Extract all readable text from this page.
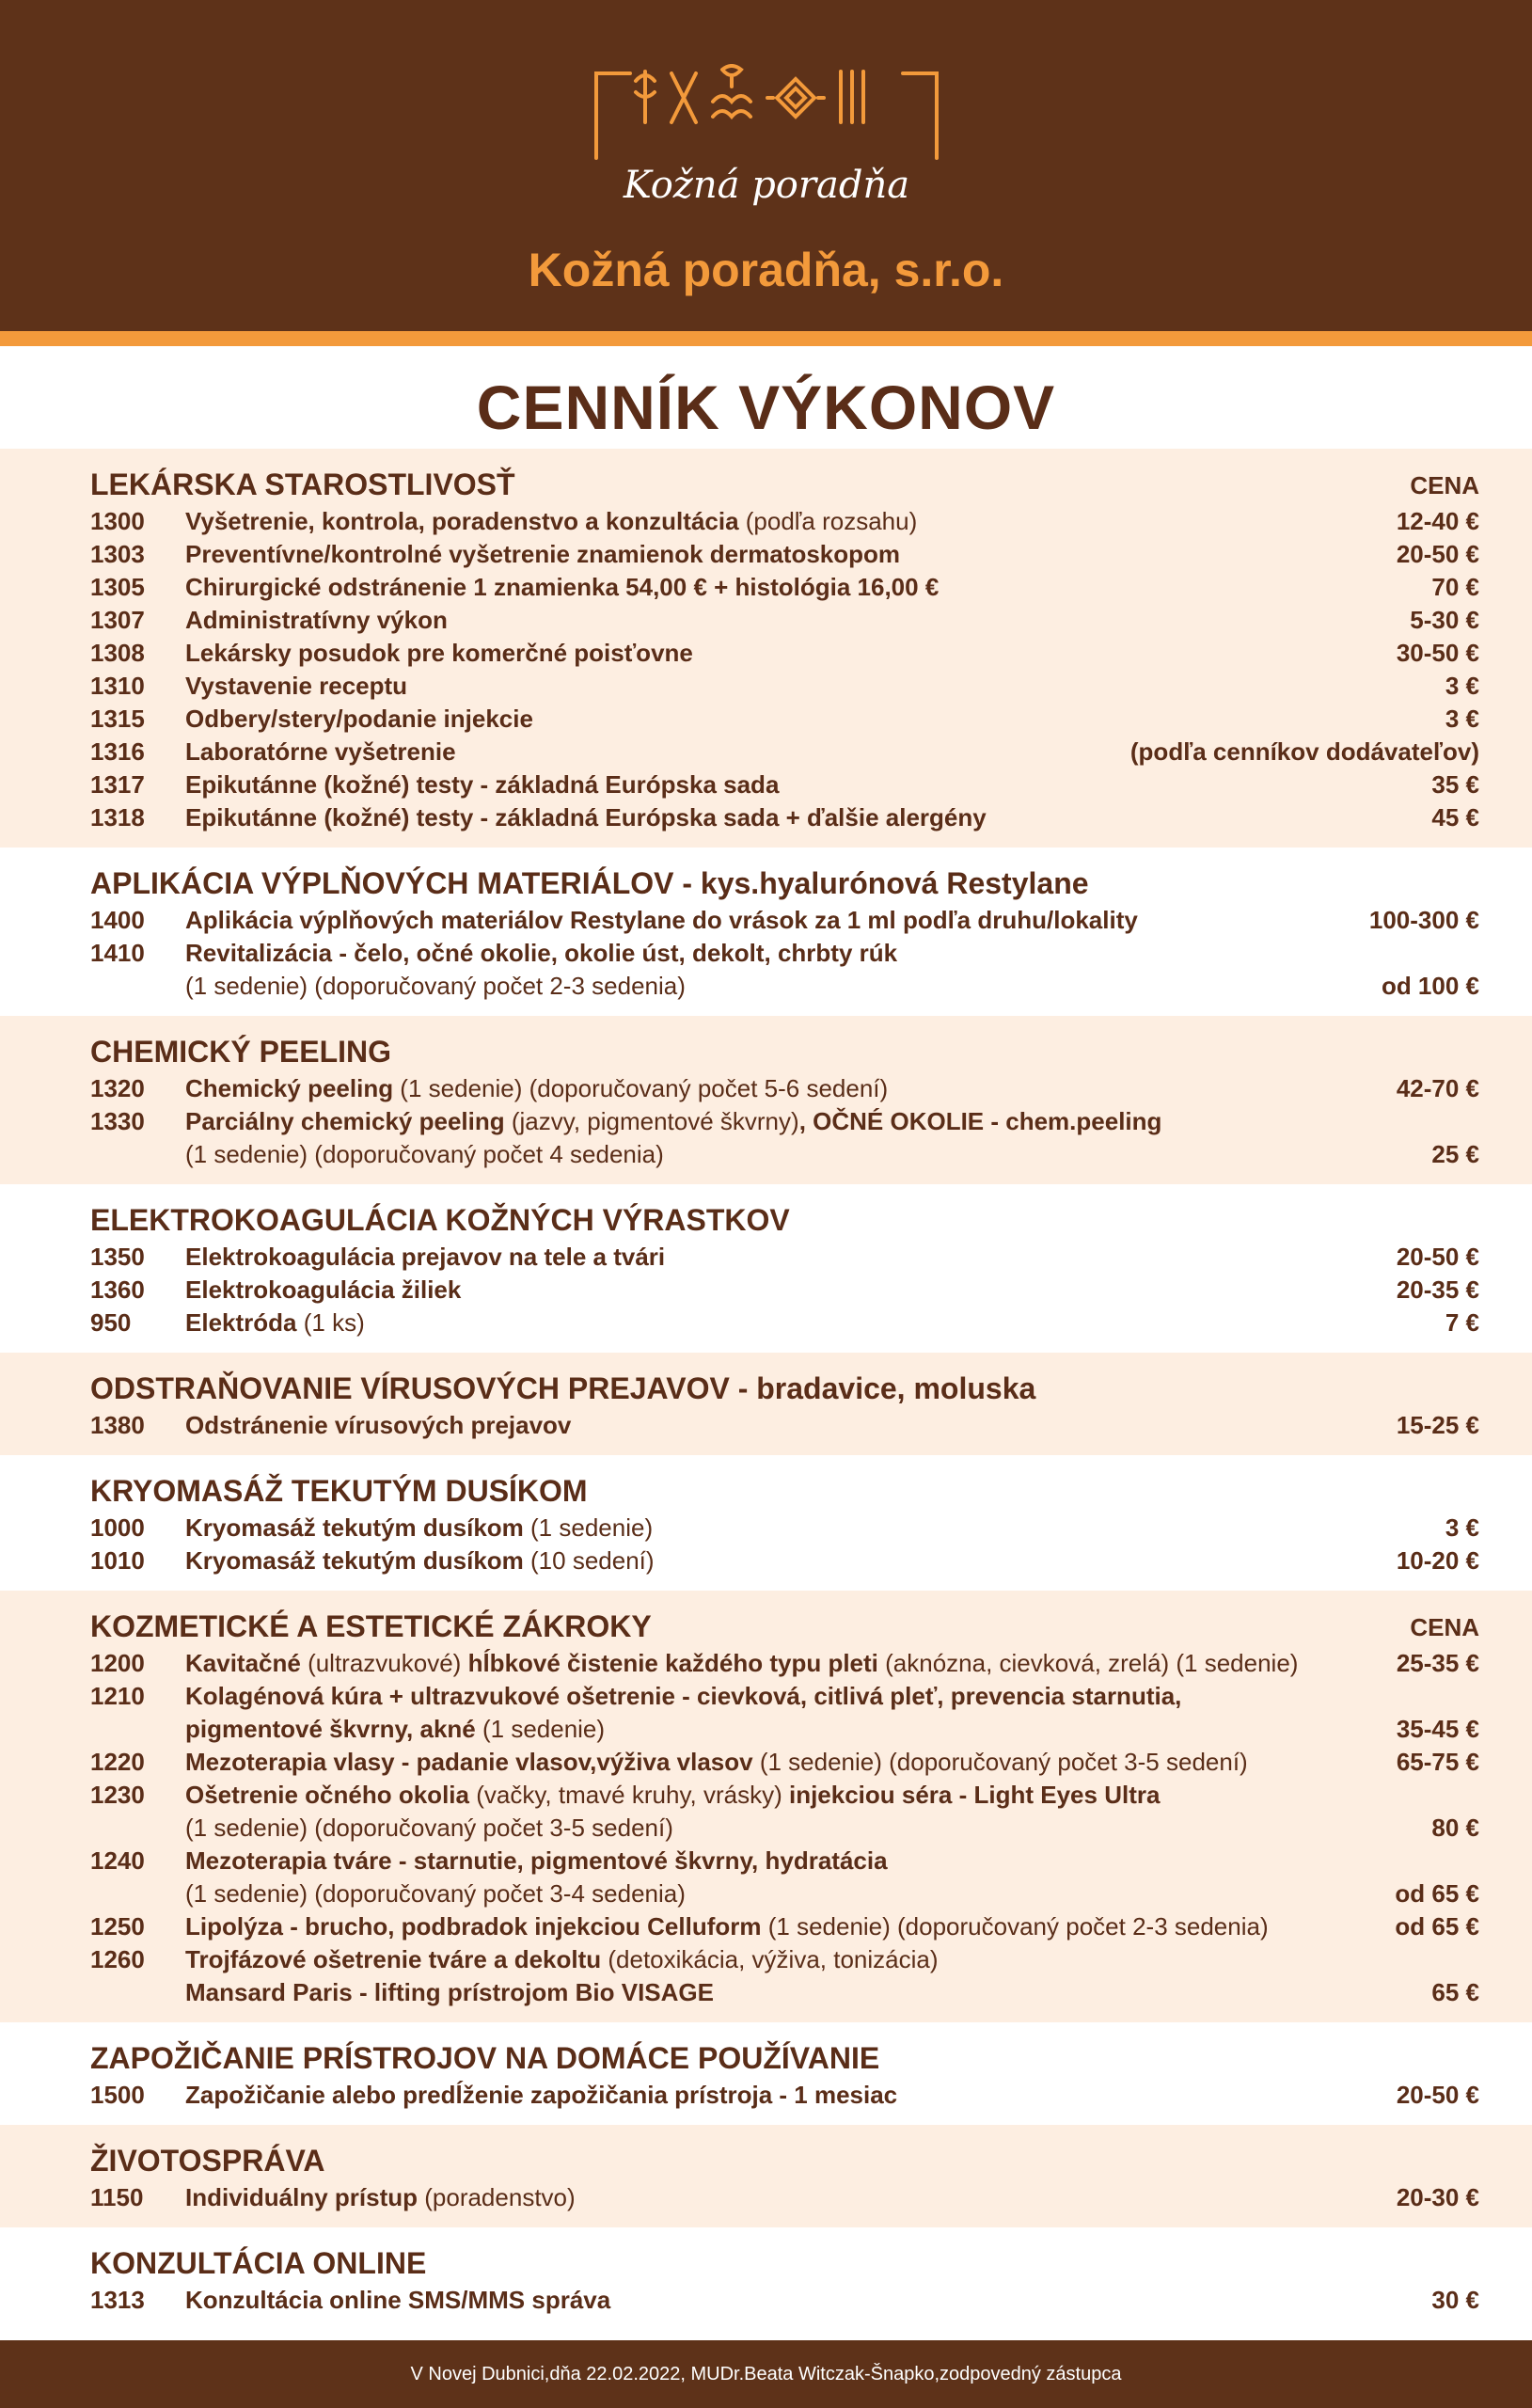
Kožná poradňa
Kožná poradňa, s.r.o.
CENNÍK VÝKONOV
LEKÁRSKA STAROSTLIVOSŤ	CENA
1300	Vyšetrenie, kontrola, poradenstvo a konzultácia (podľa rozsahu)	12-40 €
1303	Preventívne/kontrolné vyšetrenie znamienok dermatoskopom	20-50 €
1305	Chirurgické odstránenie 1 znamienka 54,00 € + histológia 16,00 €	70 €
1307	Administratívny výkon	5-30 €
1308	Lekársky posudok pre komerčné poisťovne	30-50 €
1310	Vystavenie receptu	3 €
1315	Odbery/stery/podanie injekcie	3 €
1316	Laboratórne vyšetrenie	(podľa cenníkov dodávateľov)
1317	Epikutánne (kožné) testy - základná Európska sada	35 €
1318	Epikutánne (kožné) testy - základná Európska sada + ďalšie alergény	45 €
APLIKÁCIA VÝPLŇOVÝCH MATERIÁLOV - kys.hyalurónová Restylane
1400	Aplikácia výplňových materiálov Restylane do vrások za 1 ml podľa druhu/lokality	100-300 €
1410	Revitalizácia - čelo, očné okolie, okolie úst, dekolt, chrbty rúk
(1 sedenie) (doporučovaný počet 2-3 sedenia)	od 100 €
CHEMICKÝ PEELING
1320	Chemický peeling (1 sedenie) (doporučovaný počet 5-6 sedení)	42-70 €
1330	Parciálny chemický peeling (jazvy, pigmentové škvrny), OČNÉ OKOLIE - chem.peeling
(1 sedenie) (doporučovaný počet 4 sedenia)	25 €
ELEKTROKOAGULÁCIA KOŽNÝCH VÝRASTKOV
1350	Elektrokoagulácia prejavov na tele a tvári	20-50 €
1360	Elektrokoagulácia žiliek	20-35 €
950	Elektróda (1 ks)	7 €
ODSTRAŇOVANIE VÍRUSOVÝCH PREJAVOV - bradavice, moluska
1380	Odstránenie vírusových prejavov	15-25 €
KRYOMASÁŽ TEKUTÝM DUSÍKOM
1000	Kryomasáž tekutým dusíkom (1 sedenie)	3 €
1010	Kryomasáž tekutým dusíkom (10 sedení)	10-20 €
KOZMETICKÉ A ESTETICKÉ ZÁKROKY	CENA
1200	Kavitačné (ultrazvukové) hĺbkové čistenie každého typu pleti (aknózna, cievková, zrelá) (1 sedenie)	25-35 €
1210	Kolagénová kúra + ultrazvukové ošetrenie - cievková, citlivá pleť, prevencia starnutia,
pigmentové škvrny, akné (1 sedenie)	35-45 €
1220	Mezoterapia vlasy - padanie vlasov,výživa vlasov (1 sedenie) (doporučovaný počet 3-5 sedení)	65-75 €
1230	Ošetrenie očného okolia (vačky, tmavé kruhy, vrásky) injekciou séra - Light Eyes Ultra
(1 sedenie) (doporučovaný počet 3-5 sedení)	80 €
1240	Mezoterapia tváre - starnutie, pigmentové škvrny, hydratácia
(1 sedenie) (doporučovaný počet 3-4 sedenia)	od 65 €
1250	Lipolýza - brucho, podbradok injekciou Celluform (1 sedenie) (doporučovaný počet 2-3 sedenia)	od 65 €
1260	Trojfázové ošetrenie tváre a dekoltu (detoxikácia, výživa, tonizácia)
Mansard Paris - lifting prístrojom Bio VISAGE	65 €
ZAPOŽIČANIE PRÍSTROJOV NA DOMÁCE POUŽÍVANIE
1500	Zapožičanie alebo predĺženie zapožičania prístroja - 1 mesiac	20-50 €
ŽIVOTOSPRÁVA
1150	Individuálny prístup (poradenstvo)	20-30 €
KONZULTÁCIA ONLINE
1313	Konzultácia online SMS/MMS správa	30 €
V Novej Dubnici,dňa 22.02.2022, MUDr.Beata Witczak-Šnapko,zodpovedný zástupca
